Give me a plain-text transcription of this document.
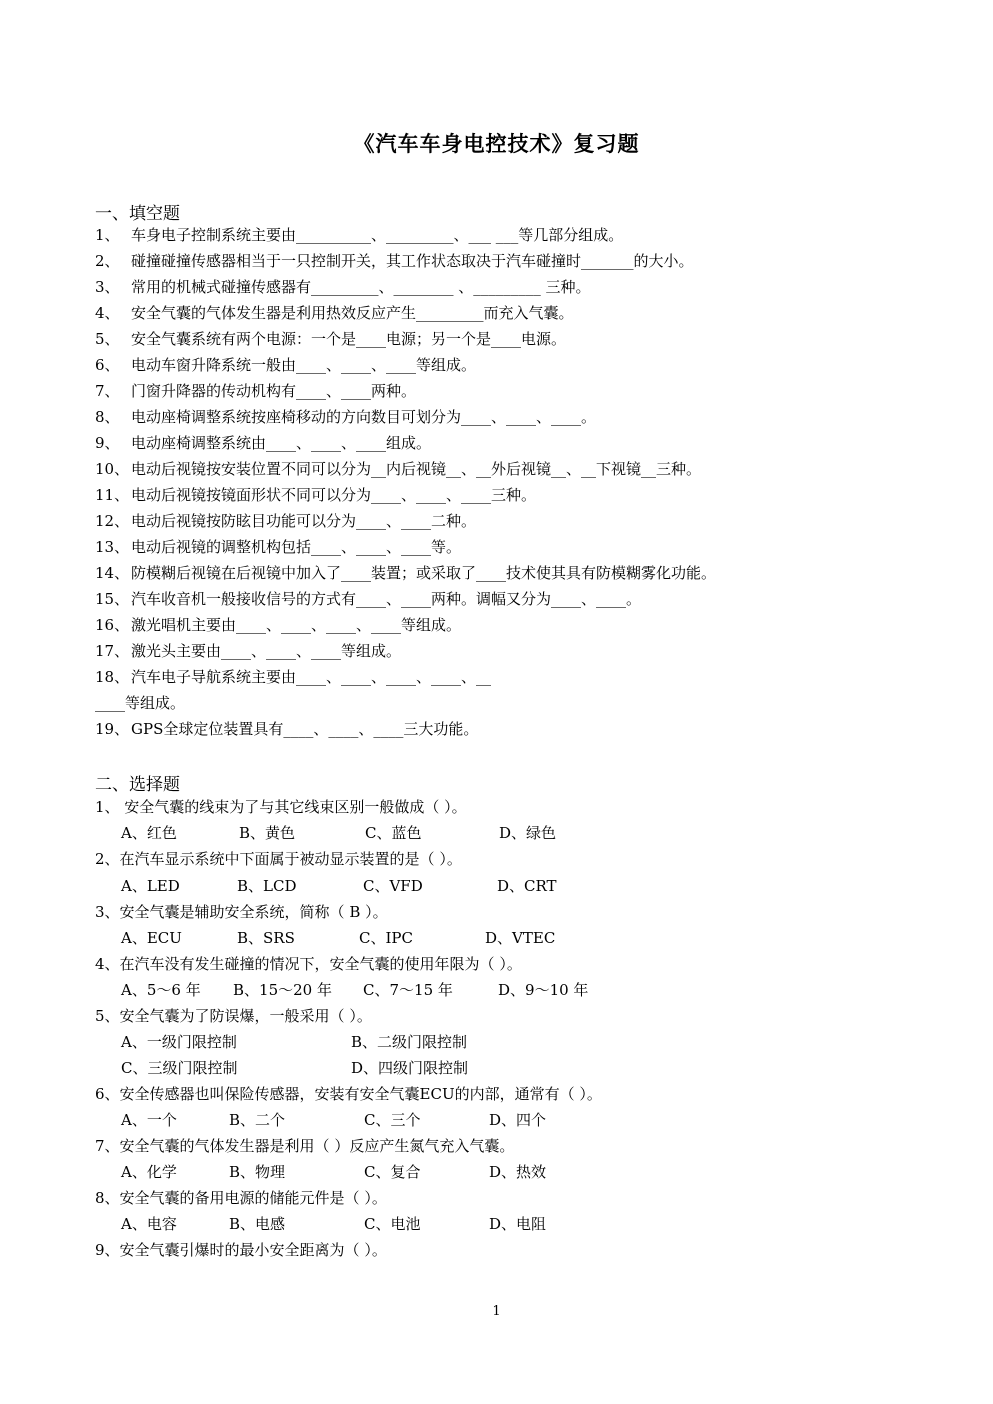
《汽车车身电控技术》复习题
一、填空题
1、 车身电子控制系统主要由__________、_________、___ ___等几部分组成。
2、 碰撞碰撞传感器相当于一只控制开关，其工作状态取决于汽车碰撞时_______的大小。
3、 常用的机械式碰撞传感器有_________、________ 、_________ 三种。
4、 安全气囊的气体发生器是利用热效反应产生_________而充入气囊。
5、 安全气囊系统有两个电源：一个是____电源；另一个是____电源。
6、 电动车窗升降系统一般由____、____、____等组成。
7、 门窗升降器的传动机构有____、____两种。
8、 电动座椅调整系统按座椅移动的方向数目可划分为____、____、____。
9、 电动座椅调整系统由____、____、____组成。
10、 电动后视镜按安装位置不同可以分为__内后视镜__、__外后视镜__、__下视镜__三种。
11、 电动后视镜按镜面形状不同可以分为____、____、____三种。
12、 电动后视镜按防眩目功能可以分为____、____二种。
13、 电动后视镜的调整机构包括____、____、____等。
14、 防模糊后视镜在后视镜中加入了____装置；或采取了____技术使其具有防模糊雾化功能。
15、 汽车收音机一般接收信号的方式有____、____两种。调幅又分为____、____。
16、 激光唱机主要由____、____、____、____等组成。
17、 激光头主要由____、____、____等组成。
18、 汽车电子导航系统主要由____、____、____、____、__
____等组成。
19、 GPS全球定位装置具有____、____、____三大功能。
二、选择题
1、 安全气囊的线束为了与其它线束区别一般做成（ ）。
A、红色	B、黄色	C、蓝色	D、绿色
2、在汽车显示系统中下面属于被动显示装置的是（ ）。
A、LED	B、LCD	C、VFD	D、CRT
3、安全气囊是辅助安全系统，简称（ B ）。
A、ECU	B、SRS	C、IPC	D、VTEC
4、在汽车没有发生碰撞的情况下，安全气囊的使用年限为（ ）。
A、5～6 年 B、15～20 年 C、7～15 年	D、9～10 年
5、安全气囊为了防误爆，一般采用（ ）。
A、一级门限控制	B、二级门限控制
C、三级门限控制	D、四级门限控制
6、安全传感器也叫保险传感器，安装有安全气囊ECU的内部，通常有（ ）。
A、一个	B、二个	C、三个	D、四个
7、安全气囊的气体发生器是利用（ ）反应产生氮气充入气囊。
A、化学	B、物理	C、复合	D、热效
8、安全气囊的备用电源的储能元件是（ ）。
A、电容	B、电感	C、电池	D、电阻
9、安全气囊引爆时的最小安全距离为（ ）。
1
